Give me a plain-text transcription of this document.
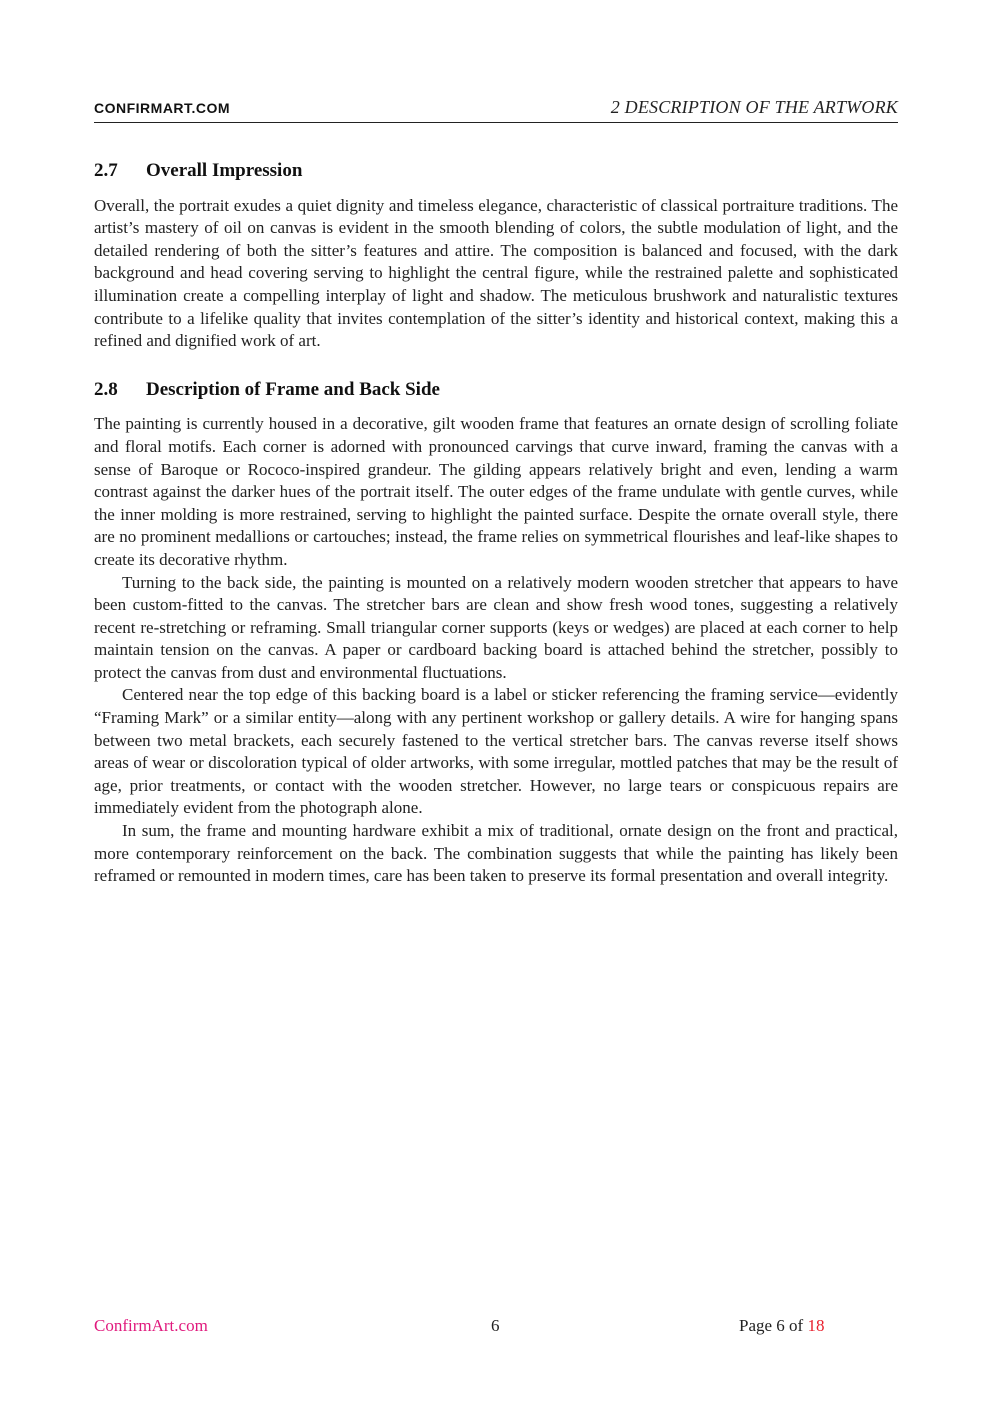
CONFIRMART.COM	2 DESCRIPTION OF THE ARTWORK
2.7 Overall Impression

Overall, the portrait exudes a quiet dignity and timeless elegance, characteristic of classical portraiture traditions. The artist’s mastery of oil on canvas is evident in the smooth blending of colors, the subtle modulation of light, and the detailed rendering of both the sitter’s features and attire. The composition is balanced and focused, with the dark background and head covering serving to highlight the central figure, while the restrained palette and sophisticated illumination create a compelling interplay of light and shadow. The meticulous brushwork and naturalistic textures contribute to a lifelike quality that invites contemplation of the sitter’s identity and historical context, making this a refined and dignified work of art.

2.8 Description of Frame and Back Side

The painting is currently housed in a decorative, gilt wooden frame that features an ornate design of scrolling foliate and floral motifs. Each corner is adorned with pronounced carvings that curve inward, framing the canvas with a sense of Baroque or Rococo-inspired grandeur. The gilding appears relatively bright and even, lending a warm contrast against the darker hues of the portrait itself. The outer edges of the frame undulate with gentle curves, while the inner molding is more restrained, serving to highlight the painted surface. Despite the ornate overall style, there are no prominent medallions or cartouches; instead, the frame relies on symmetrical flourishes and leaf-like shapes to create its decorative rhythm.

Turning to the back side, the painting is mounted on a relatively modern wooden stretcher that appears to have been custom-fitted to the canvas. The stretcher bars are clean and show fresh wood tones, suggesting a relatively recent re-stretching or reframing. Small triangular corner supports (keys or wedges) are placed at each corner to help maintain tension on the canvas. A paper or cardboard backing board is attached behind the stretcher, possibly to protect the canvas from dust and environmental fluctuations.

Centered near the top edge of this backing board is a label or sticker referencing the framing service—evidently “Framing Mark” or a similar entity—along with any pertinent workshop or gallery details. A wire for hanging spans between two metal brackets, each securely fastened to the vertical stretcher bars. The canvas reverse itself shows areas of wear or discoloration typical of older artworks, with some irregular, mottled patches that may be the result of age, prior treatments, or contact with the wooden stretcher. However, no large tears or conspicuous repairs are immediately evident from the photograph alone.

In sum, the frame and mounting hardware exhibit a mix of traditional, ornate design on the front and practical, more contemporary reinforcement on the back. The combination suggests that while the painting has likely been reframed or remounted in modern times, care has been taken to preserve its formal presentation and overall integrity.

ConfirmArt.com	6	Page 6 of 18
